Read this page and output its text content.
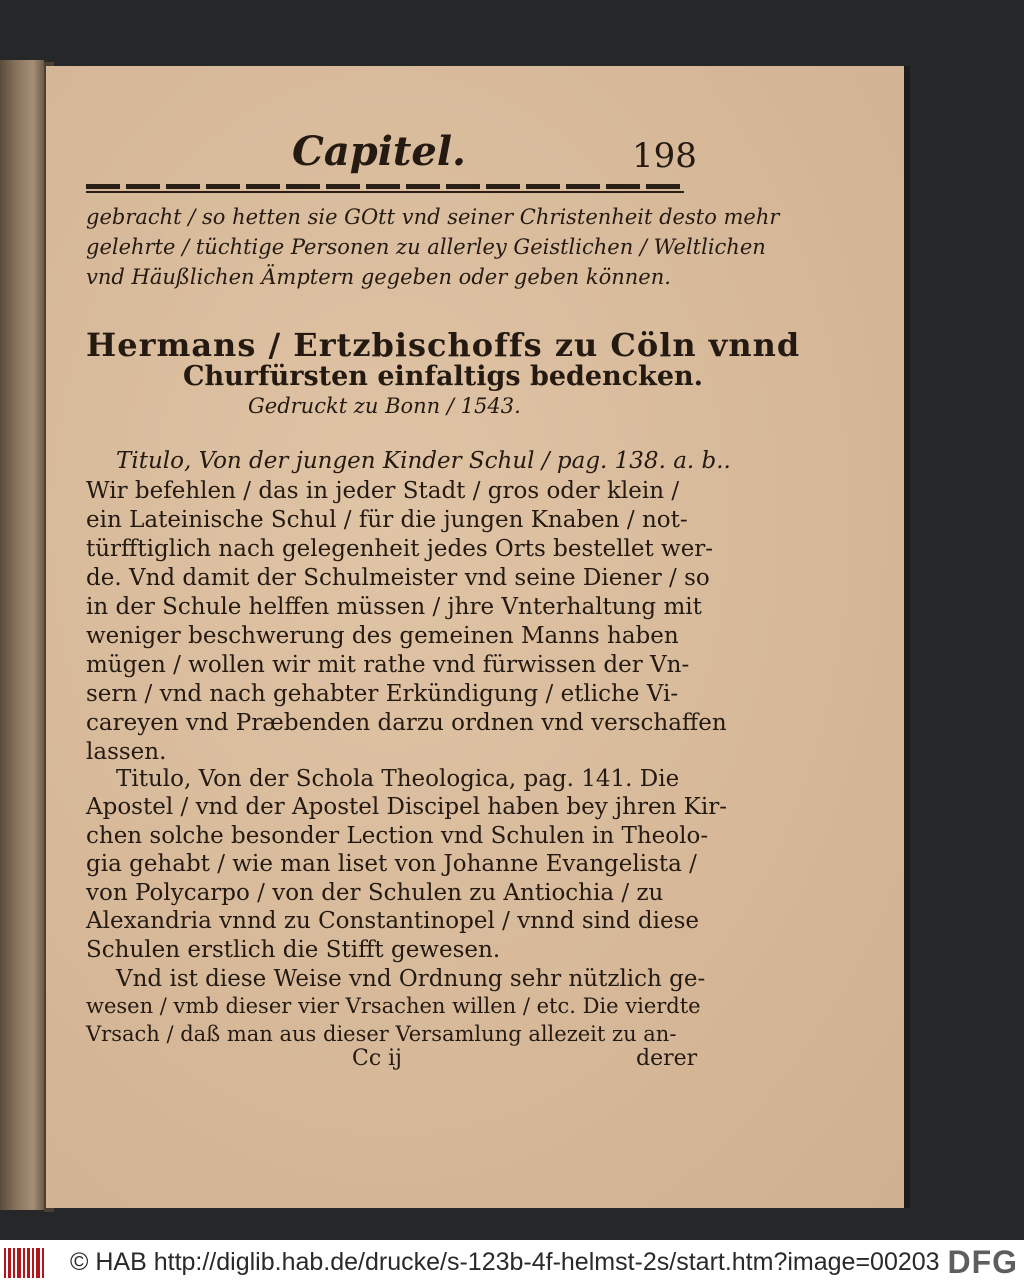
Capitel.	198

gebracht / so hetten sie GOtt vnd seiner Christenheit desto mehr

gelehrte / tüchtige Personen zu allerley Geistlichen / Weltlichen

vnd Häußlichen Ämptern gegeben oder geben können.

Hermans / Ertzbischoffs zu Cöln vnnd
Churfürsten einfaltigs bedencken.
Gedruckt zu Bonn / 1543.

Titulo, Von der jungen Kinder Schul / pag. 138. a. b..

Wir befehlen / das in jeder Stadt / gros oder klein /

ein Lateinische Schul / für die jungen Knaben / not-

türfftiglich nach gelegenheit jedes Orts bestellet wer-

de. Vnd damit der Schulmeister vnd seine Diener / so

in der Schule helffen müssen / jhre Vnterhaltung mit

weniger beschwerung des gemeinen Manns haben

mügen / wollen wir mit rathe vnd fürwissen der Vn-

sern / vnd nach gehabter Erkündigung / etliche Vi-

careyen vnd Præbenden darzu ordnen vnd verschaffen

lassen.

Titulo, Von der Schola Theologica, pag. 141. Die

Apostel / vnd der Apostel Discipel haben bey jhren Kir-

chen solche besonder Lection vnd Schulen in Theolo-

gia gehabt / wie man liset von Johanne Evangelista /

von Polycarpo / von der Schulen zu Antiochia / zu

Alexandria vnnd zu Constantinopel / vnnd sind diese

Schulen erstlich die Stifft gewesen.

Vnd ist diese Weise vnd Ordnung sehr nützlich ge-

wesen / vmb dieser vier Vrsachen willen / etc. Die vierdte

Vrsach / daß man aus dieser Versamlung allezeit zu an-

Cc ij	derer
© HAB http://diglib.hab.de/drucke/s-123b-4f-helmst-2s/start.htm?image=00203 DFG
